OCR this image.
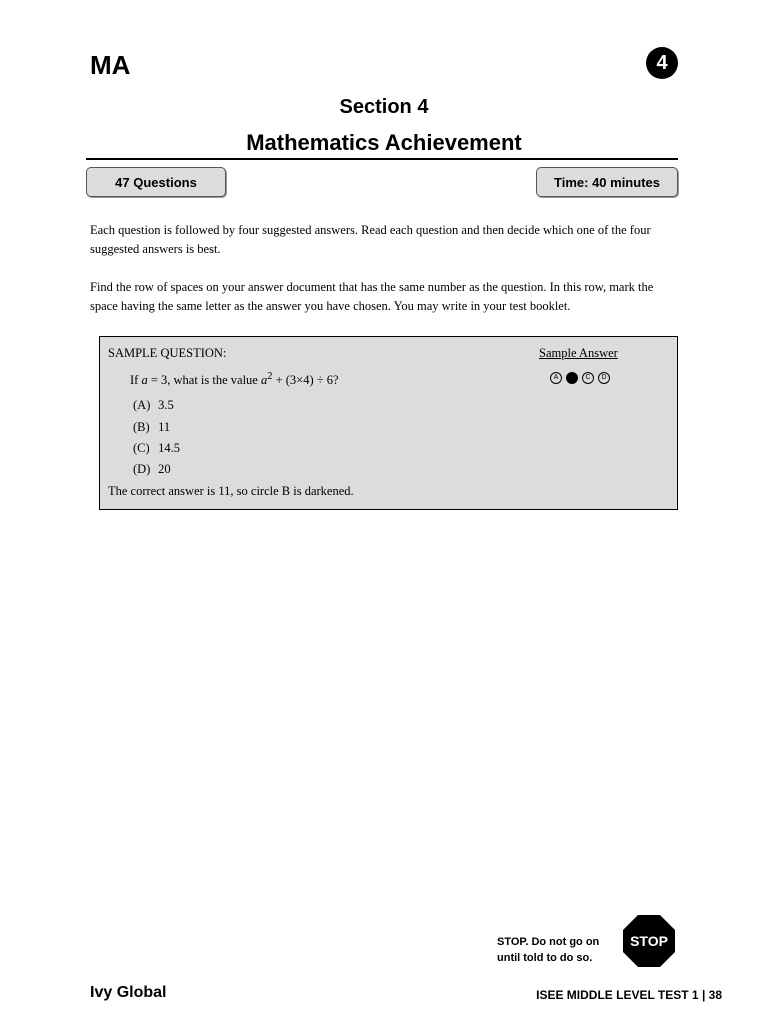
MA	4
Section 4
Mathematics Achievement
47 Questions	Time: 40 minutes
Each question is followed by four suggested answers. Read each question and then decide which one of the four suggested answers is best.
Find the row of spaces on your answer document that has the same number as the question. In this row, mark the space having the same letter as the answer you have chosen. You may write in your test booklet.
SAMPLE QUESTION:
If a = 3, what is the value $a^2 + (3\times 4) \div 6$?
(A) 3.5
(B) 11
(C) 14.5
(D) 20
The correct answer is 11, so circle B is darkened.
Sample Answer
A	B	C	D
STOP. Do not go on
until told to do so.
STOP
Ivy Global	ISEE MIDDLE LEVEL TEST 1 | 38
